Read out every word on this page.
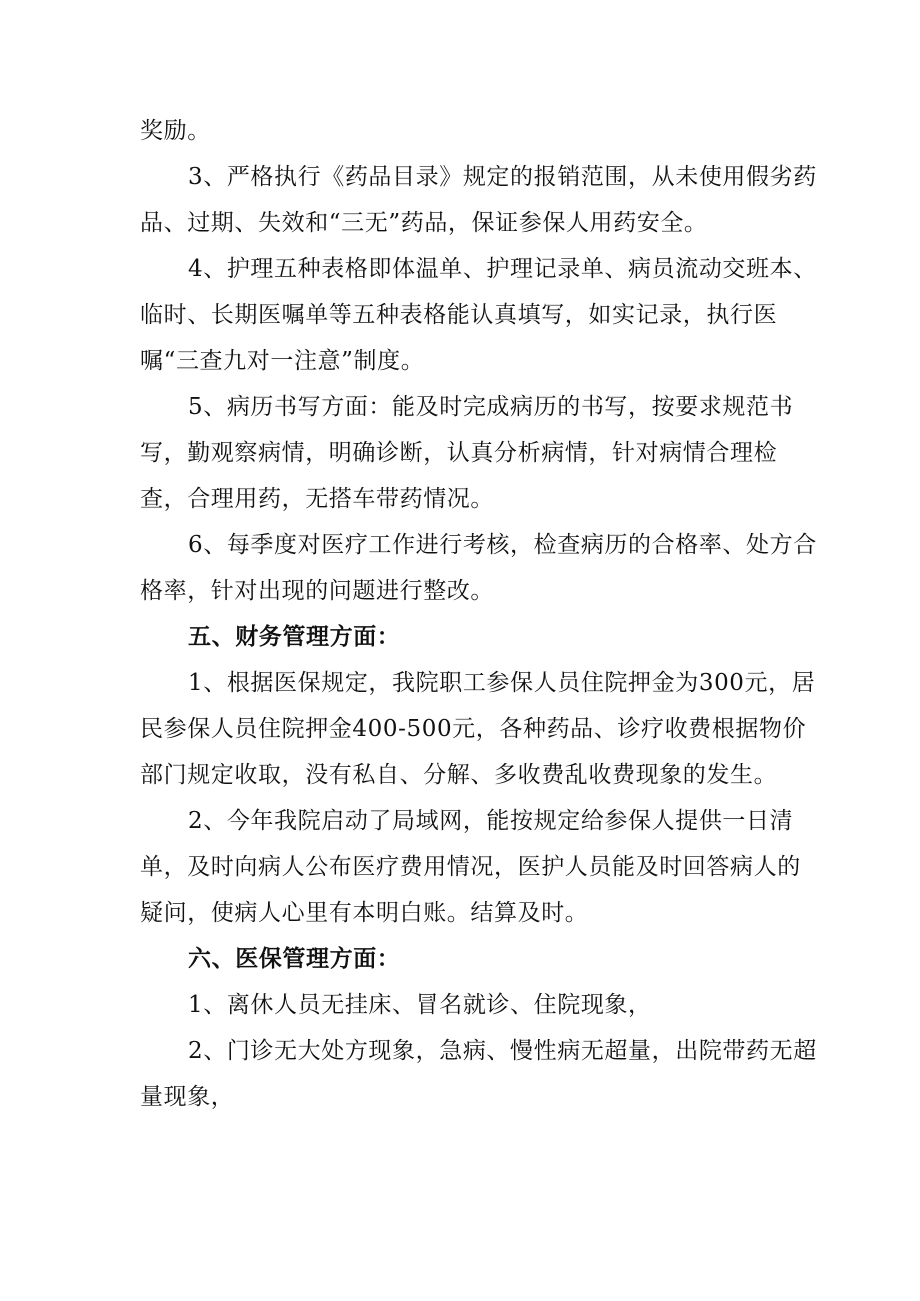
奖励。

3、严格执行《药品目录》规定的报销范围，从未使用假劣药品、过期、失效和“三无”药品，保证参保人用药安全。

4、护理五种表格即体温单、护理记录单、病员流动交班本、临时、长期医嘱单等五种表格能认真填写，如实记录，执行医嘱“三查九对一注意”制度。

5、病历书写方面：能及时完成病历的书写，按要求规范书写，勤观察病情，明确诊断，认真分析病情，针对病情合理检查，合理用药，无搭车带药情况。

6、每季度对医疗工作进行考核，检查病历的合格率、处方合格率，针对出现的问题进行整改。

五、财务管理方面：

1、根据医保规定，我院职工参保人员住院押金为300元，居民参保人员住院押金400-500元，各种药品、诊疗收费根据物价部门规定收取，没有私自、分解、多收费乱收费现象的发生。

2、今年我院启动了局域网，能按规定给参保人提供一日清单，及时向病人公布医疗费用情况，医护人员能及时回答病人的疑问，使病人心里有本明白账。结算及时。

六、医保管理方面：

1、离休人员无挂床、冒名就诊、住院现象，

2、门诊无大处方现象，急病、慢性病无超量，出院带药无超量现象，
